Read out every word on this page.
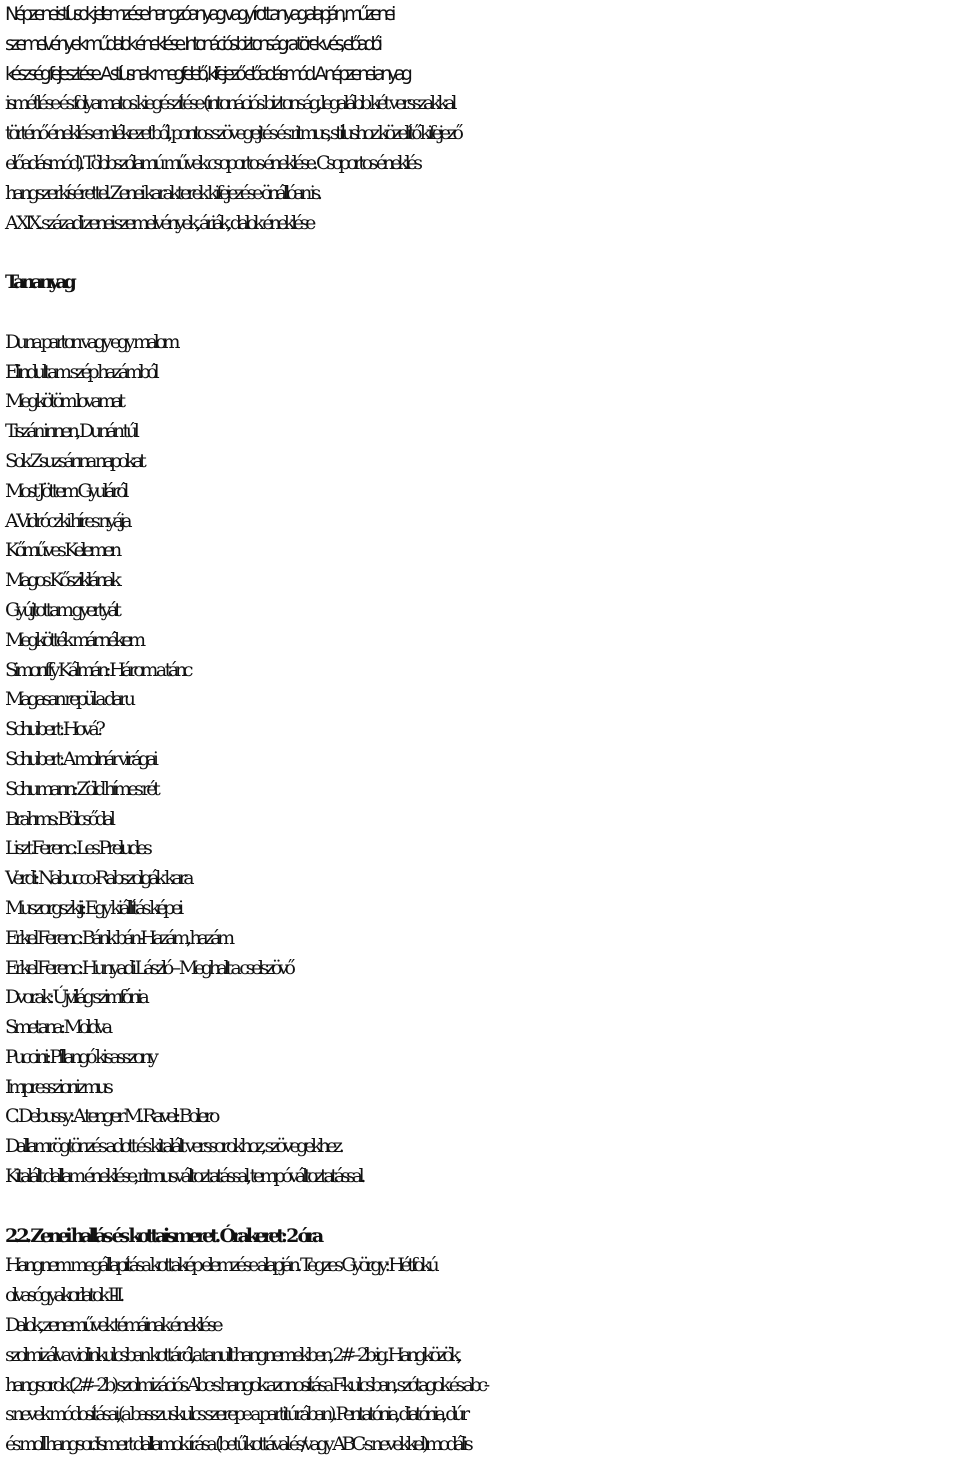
Népzenei stílusok jellemzése hangzóanyag vagy írott anyag alapján, műzenei
szemelvények műdalok éneklése. Intonációs biztonságra törekvés, előadói
készség fejlesztése. A stílusnak megfelelő, kifejező előadásmód. A népzenei anyag
ismétlése és folyamatos kiegészítése (intonációs biztonság, legalább két versszakkal
történő éneklés emlékezetből, pontos szövegejtés és ritmus, stílushoz közelítő kifejező
előadásmód). Többszólamú művek csoportos éneklése. Csoportos éneklés
hangszerkísérettel. Zenei karakterek kifejezése önállóan is.
A XIX. századi zenei szemelvények, áriák, dalok éneklése
Tananyag
Duna parton vagy egy malom
Elindultam szép hazámból
Megkötöm lovamat
Tiszán innen, Dunán túl
Sok Zsuzsánna napokat
Most Jöttem Gyuláról
A Vidróczki híres nyája
Kőműves Kelemen
Magos Kősziklának
Gyújtottam gyertyát
Megkötték már nékem
Simonffy Kálmán: Három a tánc
Magasan repül a daru
Schubert: Hová?
Schubert: A molnár virágai
Schumann: Zöld hímes rét
Brahms: Bölcsődal
Liszt Ferenc: Les Preludes
Verdi: Nabucco-Rabszolgák kara
Muszorgszkij: Egy kiállítás képei
Erkel Ferenc: Bánk bán-Hazám, hazám
Erkel Ferenc: Hunyadi László – Meghalt a cselszövő
Dvorak: Újvilág szimfónia
Smetana: Moldva
Puccini: Pillangó kisasszony
Impresszionizmus
C. Debussy: A tenger M. Ravel: Bolero
Dallamrögtönzés adott és kitalált verssorokhoz, szövegekhez.
Kitalált dallam éneklése, ritmusváltoztatással, tempóváltoztatással.
2.2. Zenei hallás és kottaismeret. Órakeret: 2 óra
Hangnem megállapítása kottakép elemzése alapján. Tegzes György: Hétfokú
olvasógyakorlatok I-II.
Dalok, zeneművek témáinak éneklése
szolmizálva violinkulcsban kottáról,a tanult hangnemekben, 2#–2b-ig. Hangközök,
hangsorok (2#–2b) szolmizációs Abc-s hangok azonosítása F-kulcsban, szótagok és abc-
s nevek módosításai,(a basszuskulcs szerepe a partitúrában). Pentatónia, diatónia, dúr
és moll hangsor. Ismert dallamok írása (betűkottával és/vagy ABC-s nevekkel)modális
